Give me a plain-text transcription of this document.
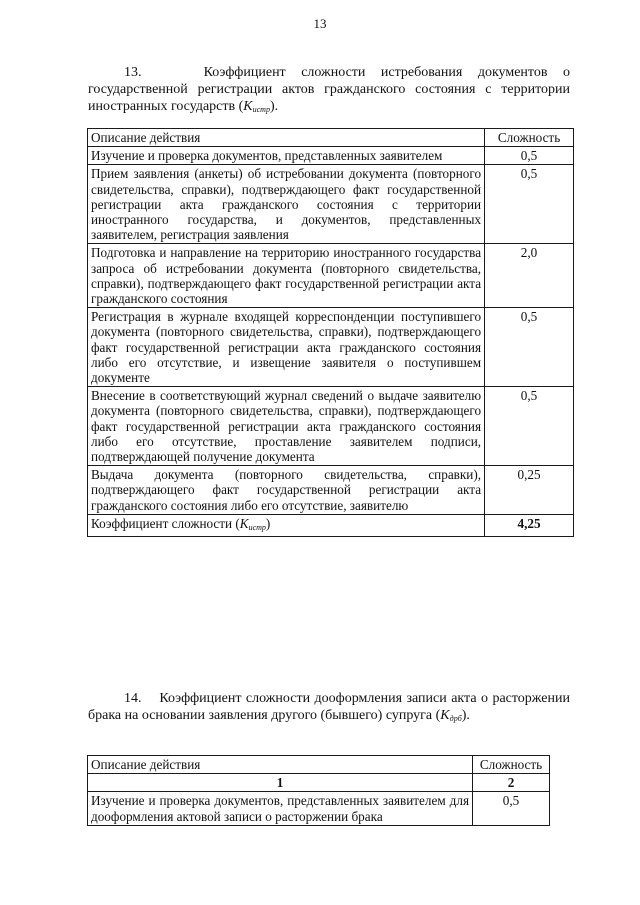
13
13.	Коэффициент сложности истребования документов о государственной регистрации актов гражданского состояния с территории иностранных государств $(K_{истр})$.
Описание действия	Сложность
Изучение и проверка документов, представленных заявителем	0,5
Прием заявления (анкеты) об истребовании документа (повторного свидетельства, справки), подтверждающего факт государственной регистрации акта гражданского состояния с территории иностранного государства, и документов, представленных заявителем, регистрация заявления	0,5
Подготовка и направление на территорию иностранного государства запроса об истребовании документа (повторного свидетельства, справки), подтверждающего факт государственной регистрации акта гражданского состояния	2,0
Регистрация в журнале входящей корреспонденции поступившего документа (повторного свидетельства, справки), подтверждающего факт государственной регистрации акта гражданского состояния либо его отсутствие, и извещение заявителя о поступившем документе	0,5
Внесение в соответствующий журнал сведений о выдаче заявителю документа (повторного свидетельства, справки), подтверждающего факт государственной регистрации акта гражданского состояния либо его отсутствие, проставление заявителем подписи, подтверждающей получение документа	0,5
Выдача документа (повторного свидетельства, справки), подтверждающего факт государственной регистрации акта гражданского состояния либо его отсутствие, заявителю	0,25
Коэффициент сложности $(K_{истр})$	4,25
14. Коэффициент сложности дооформления записи акта о расторжении брака на основании заявления другого (бывшего) супруга $(K_{дрб})$.
Описание действия	Сложность
1	2
Изучение и проверка документов, представленных заявителем для дооформления актовой записи о расторжении брака	0,5
